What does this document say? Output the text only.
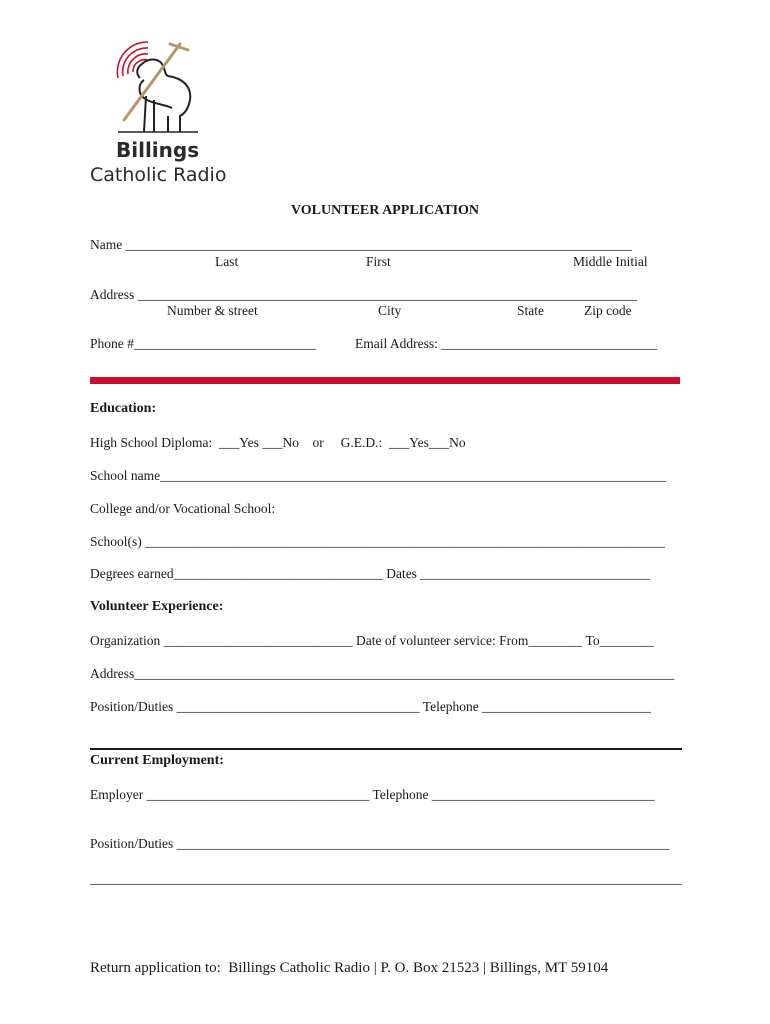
Billings
Catholic Radio
VOLUNTEER APPLICATION
Name ___________________________________________________________________________
Last	First	Middle Initial
Address __________________________________________________________________________
Number & street	City	State	Zip code
Phone #___________________________	Email Address: ________________________________
Education:
High School Diploma:  ___Yes ___No    or     G.E.D.:  ___Yes___No
School name___________________________________________________________________________
College and/or Vocational School:
School(s) _____________________________________________________________________________
Degrees earned_______________________________ Dates __________________________________
Volunteer Experience:
Organization ____________________________ Date of volunteer service: From________ To________
Address________________________________________________________________________________
Position/Duties ____________________________________ Telephone _________________________
Current Employment:
Employer _________________________________ Telephone _________________________________
Position/Duties _________________________________________________________________________
__________________________________________________________________________________________
Return application to:  Billings Catholic Radio | P. O. Box 21523 | Billings, MT 59104
